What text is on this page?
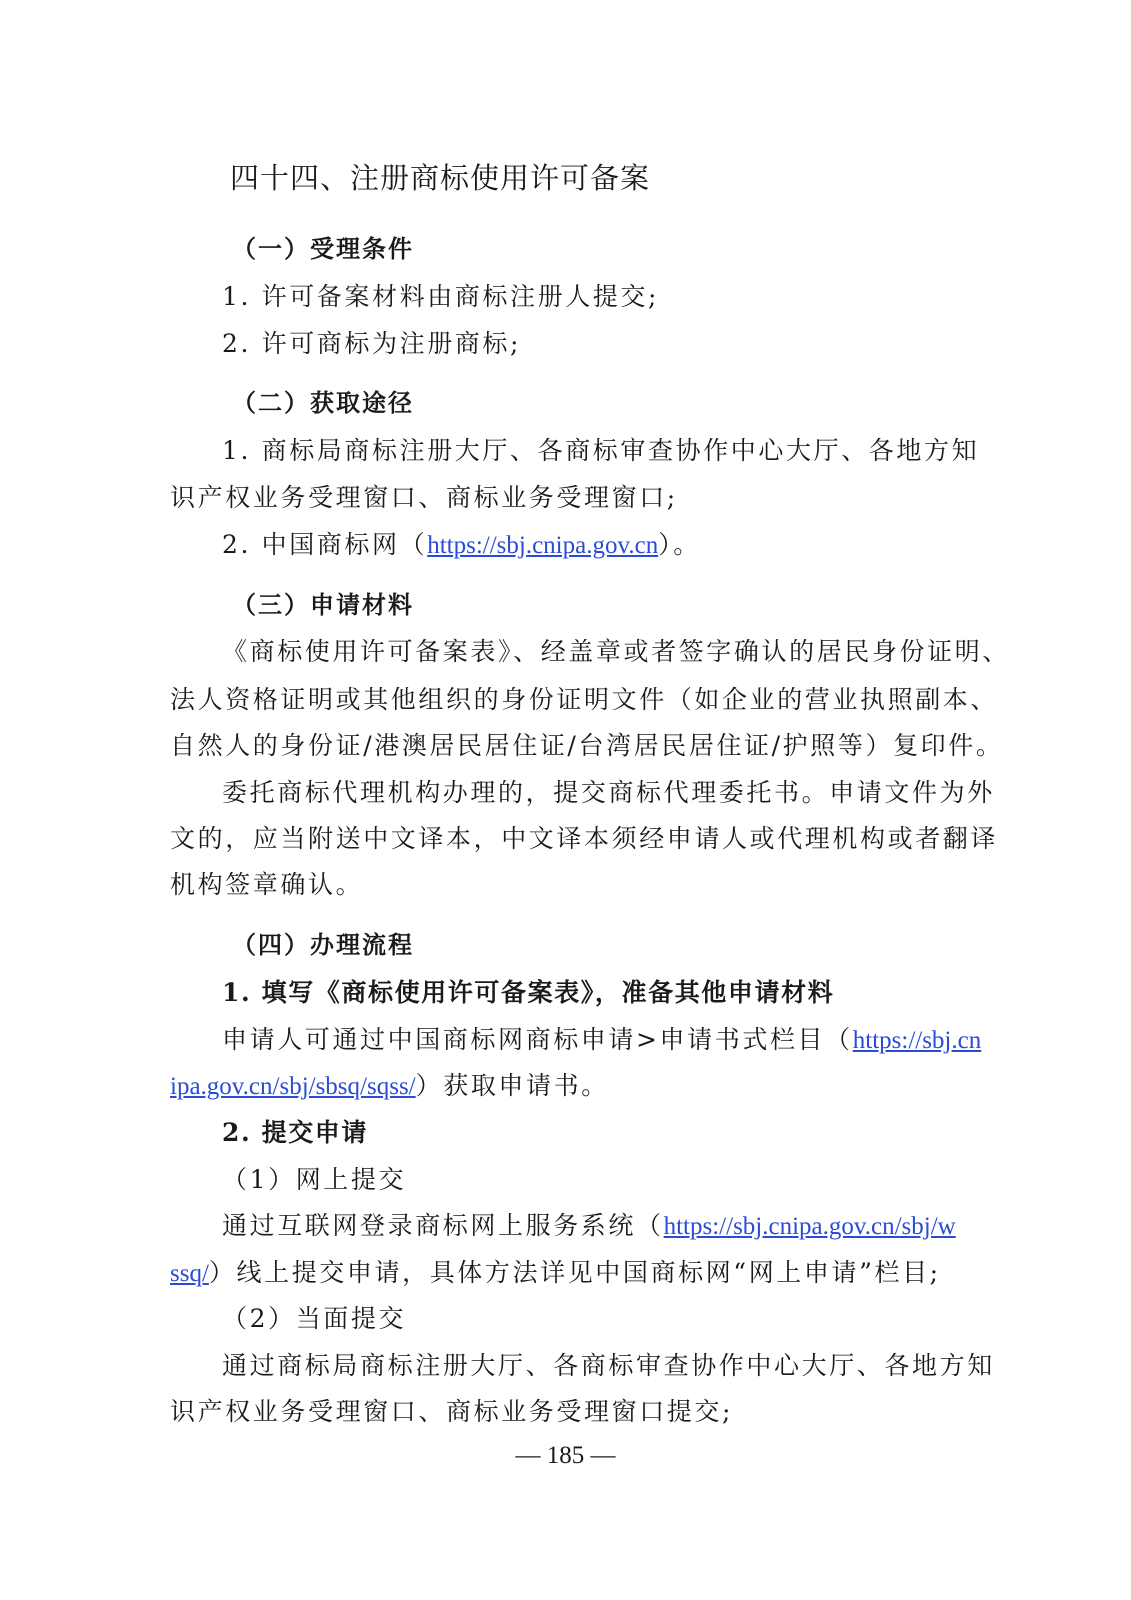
四十四、注册商标使用许可备案
（一）受理条件
1. 许可备案材料由商标注册人提交;
2. 许可商标为注册商标;
（二）获取途径
1. 商标局商标注册大厅、各商标审查协作中心大厅、各地方知
识产权业务受理窗口、商标业务受理窗口;
2. 中国商标网（https://sbj.cnipa.gov.cn）。
（三）申请材料
《商标使用许可备案表》、经盖章或者签字确认的居民身份证明、
法人资格证明或其他组织的身份证明文件（如企业的营业执照副本、
自然人的身份证/港澳居民居住证/台湾居民居住证/护照等）复印件。
委托商标代理机构办理的，提交商标代理委托书。申请文件为外
文的，应当附送中文译本，中文译本须经申请人或代理机构或者翻译
机构签章确认。
（四）办理流程
1. 填写《商标使用许可备案表》，准备其他申请材料
申请人可通过中国商标网商标申请>申请书式栏目（https://sbj.cn
ipa.gov.cn/sbj/sbsq/sqss/）获取申请书。
2. 提交申请
（1）网上提交
通过互联网登录商标网上服务系统（https://sbj.cnipa.gov.cn/sbj/w
ssq/）线上提交申请，具体方法详见中国商标网“网上申请”栏目;
（2）当面提交
通过商标局商标注册大厅、各商标审查协作中心大厅、各地方知
识产权业务受理窗口、商标业务受理窗口提交;
— 185 —
